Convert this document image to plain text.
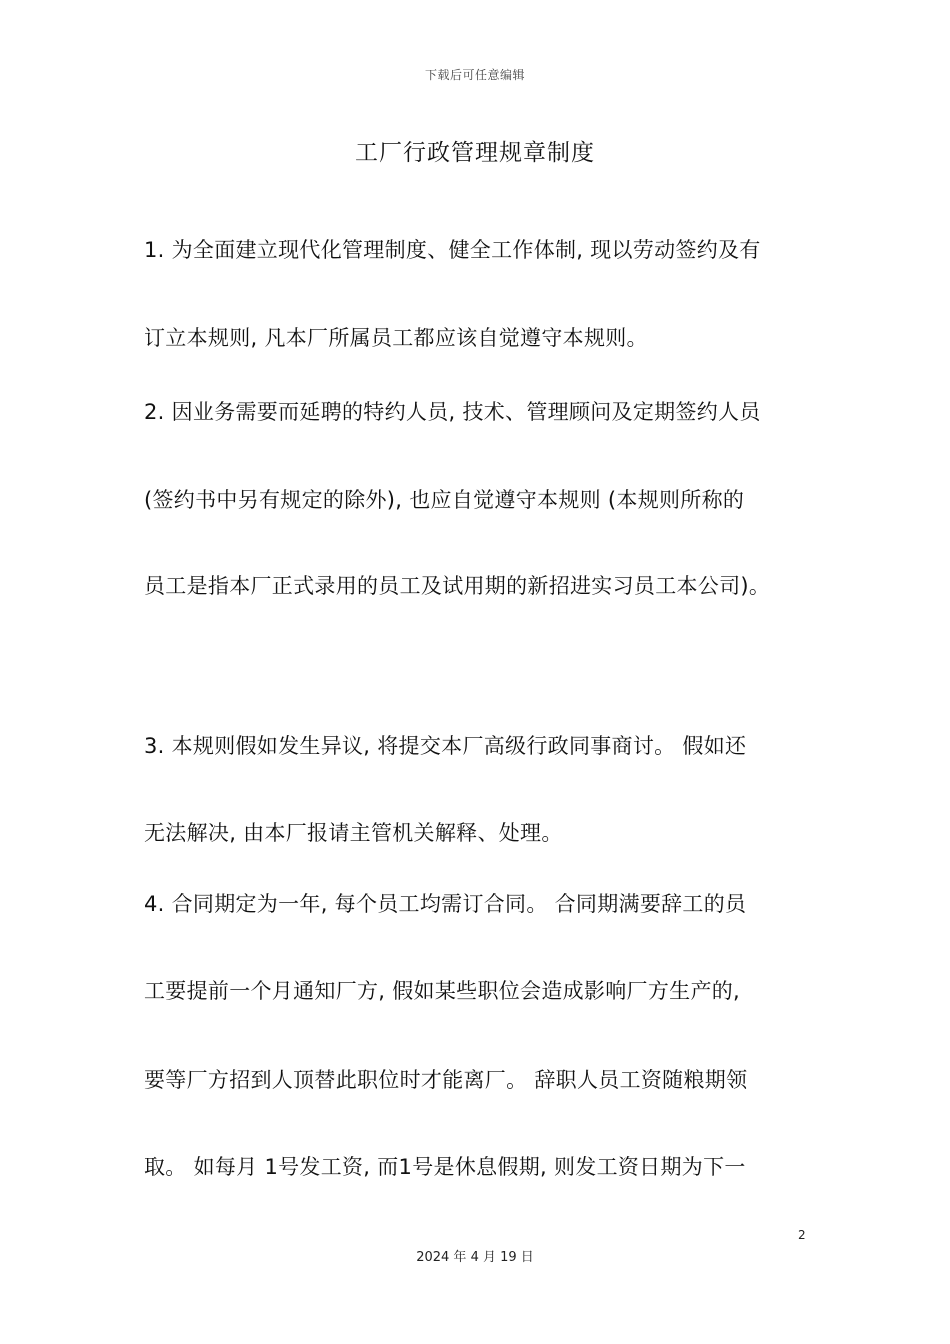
下载后可任意编辑
工厂行政管理规章制度
1. 为全面建立现代化管理制度、健全工作体制, 现以劳动签约及有
订立本规则, 凡本厂所属员工都应该自觉遵守本规则。
2. 因业务需要而延聘的特约人员, 技术、管理顾问及定期签约人员
(签约书中另有规定的除外), 也应自觉遵守本规则 (本规则所称的
员工是指本厂正式录用的员工及试用期的新招进实习员工本公司)。
3. 本规则假如发生异议, 将提交本厂高级行政同事商讨。 假如还
无法解决, 由本厂报请主管机关解释、处理。
4. 合同期定为一年, 每个员工均需订合同。 合同期满要辞工的员
工要提前一个月通知厂方, 假如某些职位会造成影响厂方生产的,
要等厂方招到人顶替此职位时才能离厂。 辞职人员工资随粮期领
取。 如每月 1号发工资, 而1号是休息假期, 则发工资日期为下一
2
2024 年 4 月 19 日
